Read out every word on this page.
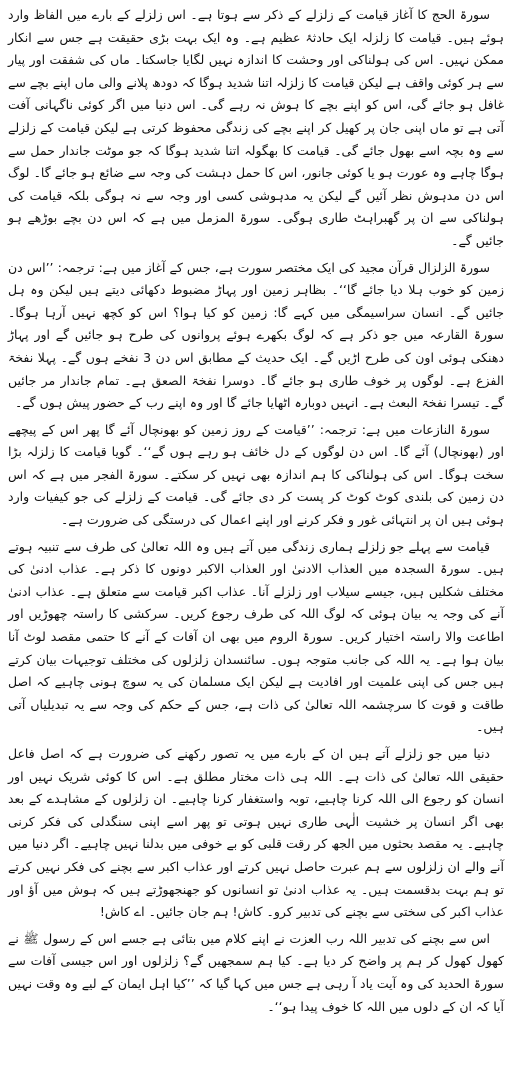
سورۃ الحج کا آغاز قیامت کے زلزلے کے ذکر سے ہوتا ہے۔ اس زلزلے کے بارے میں الفاظ وارد ہوئے ہیں۔ قیامت کا زلزلہ ایک حادثۂ عظیم ہے۔ وہ ایک بہت بڑی حقیقت ہے جس سے انکار ممکن نہیں۔ اس کی ہولناکی اور وحشت کا اندازہ نہیں لگایا جاسکتا۔ ماں کی شفقت اور پیار سے ہر کوئی واقف ہے لیکن قیامت کا زلزلہ اتنا شدید ہوگا کہ دودھ پلانے والی ماں اپنے بچے سے غافل ہو جائے گی، اس کو اپنے بچے کا ہوش نہ رہے گی۔ اس دنیا میں اگر کوئی ناگہانی آفت آتی ہے تو ماں اپنی جان پر کھیل کر اپنے بچے کی زندگی محفوظ کرتی ہے لیکن قیامت کے زلزلے سے وہ بچہ اسے بھول جائے گی۔ قیامت کا بھگولہ اتنا شدید ہوگا کہ جو موٹت جاندار حمل سے ہوگا چاہے وہ عورت ہو یا کوئی جانور، اس کا حمل دہشت کی وجہ سے ضائع ہو جائے گا۔ لوگ اس دن مدہوش نظر آئیں گے لیکن یہ مدہوشی کسی اور وجہ سے نہ ہوگی بلکہ قیامت کی ہولناکی سے ان پر گھبراہٹ طاری ہوگی۔ سورۃ المزمل میں ہے کہ اس دن بچے بوڑھے ہو جائیں گے۔

سورۃ الزلزال قرآن مجید کی ایک مختصر سورت ہے، جس کے آغاز میں ہے: ترجمہ: ’’اس دن زمین کو خوب ہلا دیا جائے گا‘‘۔ بظاہر زمین اور پہاڑ مضبوط دکھائی دیتے ہیں لیکن وہ ہل جائیں گے۔ انسان سراسیمگی میں کہے گا: زمین کو کیا ہوا؟ اس کو کچھ نہیں آرہا ہوگا۔ سورۃ القارعہ میں جو ذکر ہے کہ لوگ بکھرے ہوئے پروانوں کی طرح ہو جائیں گے اور پہاڑ دھنکی ہوئی اون کی طرح اڑیں گے۔ ایک حدیث کے مطابق اس دن 3 نفخے ہوں گے۔ پہلا نفخۃ الفزع ہے۔ لوگوں پر خوف طاری ہو جائے گا۔ دوسرا نفخۃ الصعق ہے۔ تمام جاندار مر جائیں گے۔ تیسرا نفخۃ البعث ہے۔ انہیں دوبارہ اٹھایا جائے گا اور وہ اپنے رب کے حضور پیش ہوں گے۔

سورۃ النازعات میں ہے: ترجمہ: ’’قیامت کے روز زمین کو بھونچال آئے گا پھر اس کے پیچھے اور (بھونچال) آئے گا۔ اس دن لوگوں کے دل خائف ہو رہے ہوں گے‘‘۔ گویا قیامت کا زلزلہ بڑا سخت ہوگا۔ اس کی ہولناکی کا ہم اندازہ بھی نہیں کر سکتے۔ سورۃ الفجر میں ہے کہ اس دن زمین کی بلندی کوٹ کوٹ کر پست کر دی جائے گی۔ قیامت کے زلزلے کی جو کیفیات وارد ہوئی ہیں ان پر انتہائی غور و فکر کرنے اور اپنے اعمال کی درستگی کی ضرورت ہے۔

قیامت سے پہلے جو زلزلے ہماری زندگی میں آتے ہیں وہ اللہ تعالیٰ کی طرف سے تنبیہ ہوتے ہیں۔ سورۃ السجدہ میں العذاب الادنیٰ اور العذاب الاکبر دونوں کا ذکر ہے۔ عذاب ادنیٰ کی مختلف شکلیں ہیں، جیسے سیلاب اور زلزلے آنا۔ عذاب اکبر قیامت سے متعلق ہے۔ عذاب ادنیٰ آنے کی وجہ یہ بیان ہوئی کہ لوگ اللہ کی طرف رجوع کریں۔ سرکشی کا راستہ چھوڑیں اور اطاعت والا راستہ اختیار کریں۔ سورۃ الروم میں بھی ان آفات کے آنے کا حتمی مقصد لوٹ آنا بیان ہوا ہے۔ یہ اللہ کی جانب متوجہ ہوں۔ سائنسدان زلزلوں کی مختلف توجیہات بیان کرتے ہیں جس کی اپنی علمیت اور افادیت ہے لیکن ایک مسلمان کی یہ سوچ ہونی چاہیے کہ اصل طاقت و قوت کا سرچشمہ اللہ تعالیٰ کی ذات ہے، جس کے حکم کی وجہ سے یہ تبدیلیاں آتی ہیں۔

دنیا میں جو زلزلے آتے ہیں ان کے بارے میں یہ تصور رکھنے کی ضرورت ہے کہ اصل فاعل حقیقی اللہ تعالیٰ کی ذات ہے۔ اللہ ہی ذات مختار مطلق ہے۔ اس کا کوئی شریک نہیں اور انسان کو رجوع الی اللہ کرنا چاہیے، توبہ واستغفار کرنا چاہیے۔ ان زلزلوں کے مشاہدے کے بعد بھی اگر انسان پر خشیت الٰہی طاری نہیں ہوتی تو پھر اسے اپنی سنگدلی کی فکر کرنی چاہیے۔ یہ مقصد بحثوں میں الجھ کر رقت قلبی کو بے خوفی میں بدلنا نہیں چاہیے۔ اگر دنیا میں آنے والے ان زلزلوں سے ہم عبرت حاصل نہیں کرتے اور عذاب اکبر سے بچنے کی فکر نہیں کرتے تو ہم بہت بدقسمت ہیں۔ یہ عذاب ادنیٰ تو انسانوں کو جھنجھوڑتے ہیں کہ ہوش میں آؤ اور عذاب اکبر کی سختی سے بچنے کی تدبیر کرو۔ کاش! ہم جان جائیں۔ اے کاش!

اس سے بچنے کی تدبیر اللہ رب العزت نے اپنے کلام میں بتائی ہے جسے اس کے رسول ﷺ نے کھول کھول کر ہم پر واضح کر دیا ہے۔ کیا ہم سمجھیں گے؟ زلزلوں اور اس جیسی آفات سے سورۃ الحدید کی وہ آیت یاد آ رہی ہے جس میں کہا گیا کہ ’’کیا اہل ایمان کے لیے وہ وقت نہیں آیا کہ ان کے دلوں میں اللہ کا خوف پیدا ہو‘‘۔
